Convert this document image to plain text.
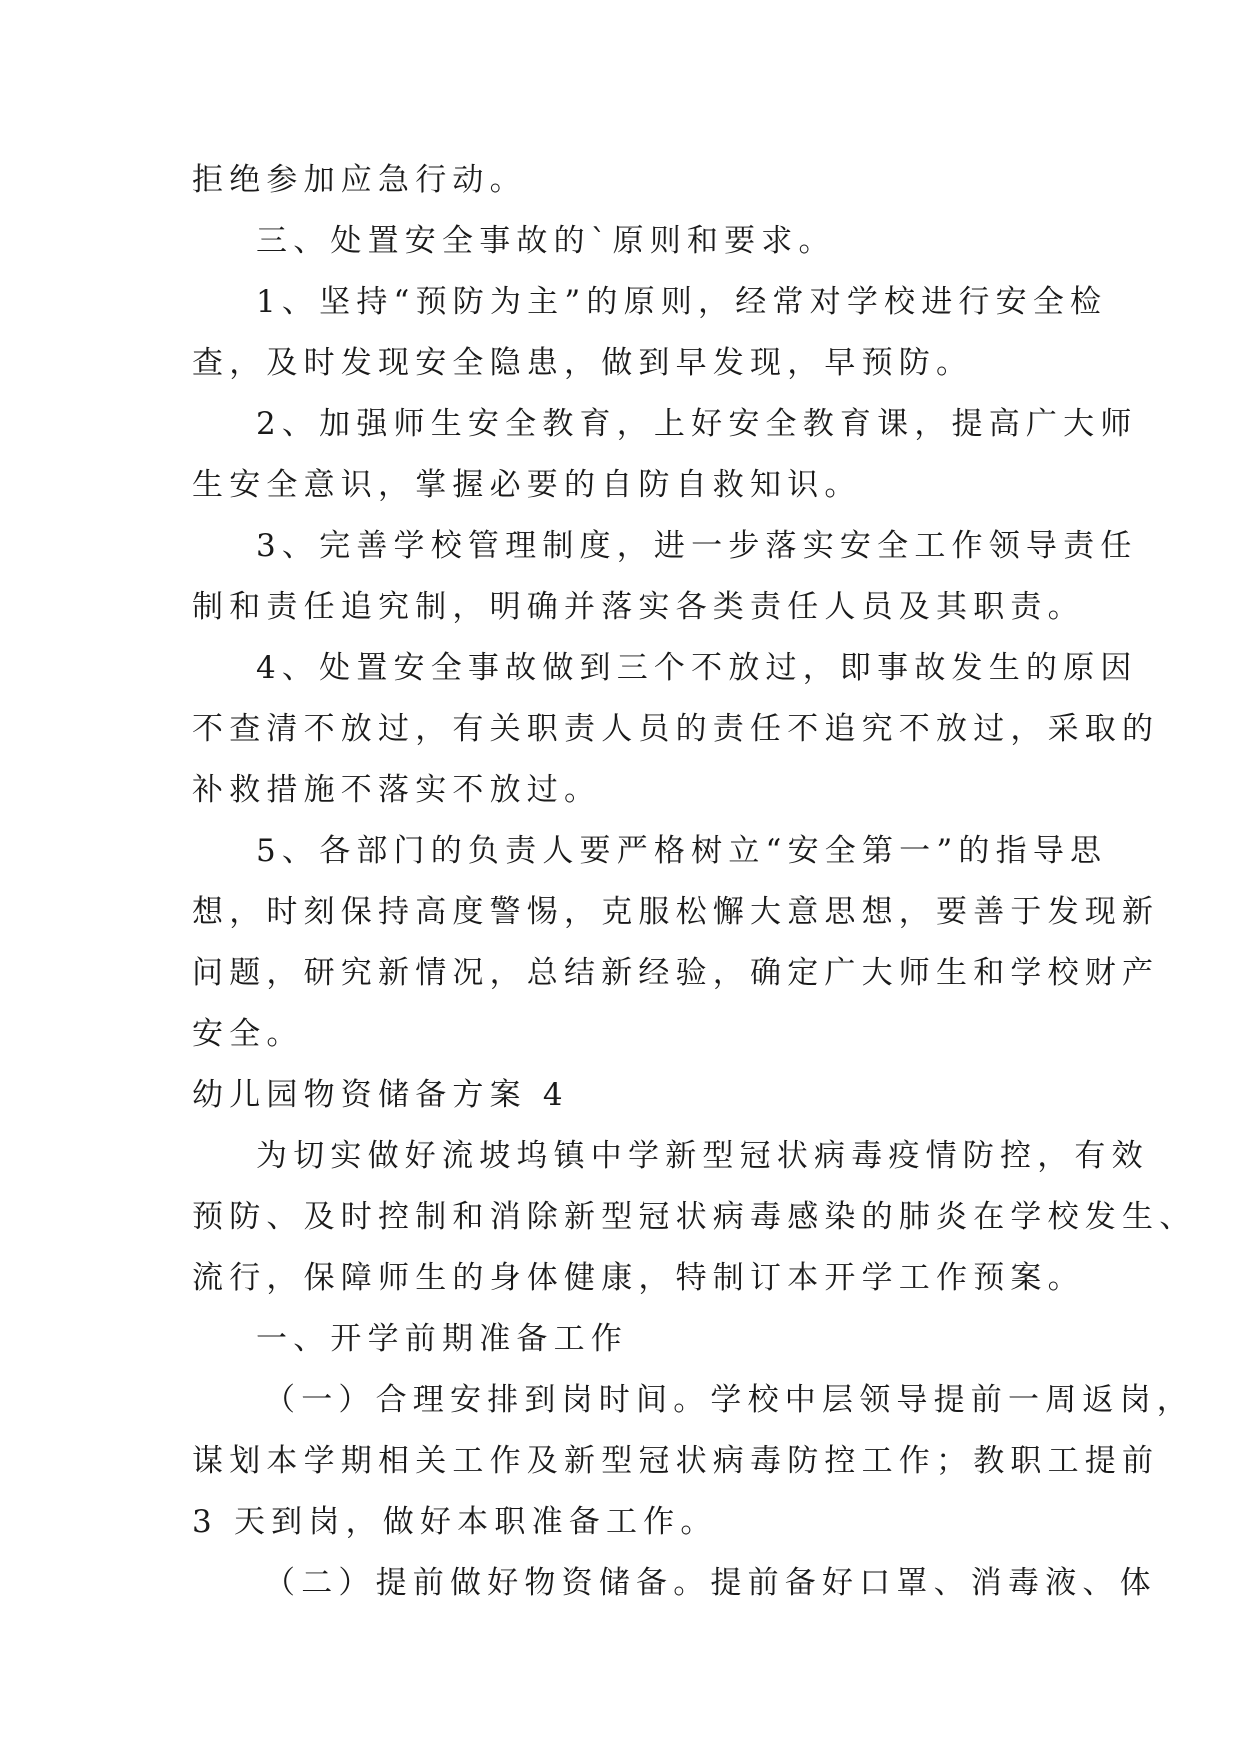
拒绝参加应急行动。
三、处置安全事故的`原则和要求。
1、坚持“预防为主”的原则，经常对学校进行安全检
查，及时发现安全隐患，做到早发现，早预防。
2、加强师生安全教育，上好安全教育课，提高广大师
生安全意识，掌握必要的自防自救知识。
3、完善学校管理制度，进一步落实安全工作领导责任
制和责任追究制，明确并落实各类责任人员及其职责。
4、处置安全事故做到三个不放过，即事故发生的原因
不查清不放过，有关职责人员的责任不追究不放过，采取的
补救措施不落实不放过。
5、各部门的负责人要严格树立“安全第一”的指导思
想，时刻保持高度警惕，克服松懈大意思想，要善于发现新
问题，研究新情况，总结新经验，确定广大师生和学校财产
安全。
幼儿园物资储备方案 4
为切实做好流坡坞镇中学新型冠状病毒疫情防控，有效
预防、及时控制和消除新型冠状病毒感染的肺炎在学校发生、
流行，保障师生的身体健康，特制订本开学工作预案。
一、开学前期准备工作
（一）合理安排到岗时间。学校中层领导提前一周返岗，
谋划本学期相关工作及新型冠状病毒防控工作；教职工提前
3 天到岗，做好本职准备工作。
（二）提前做好物资储备。提前备好口罩、消毒液、体
